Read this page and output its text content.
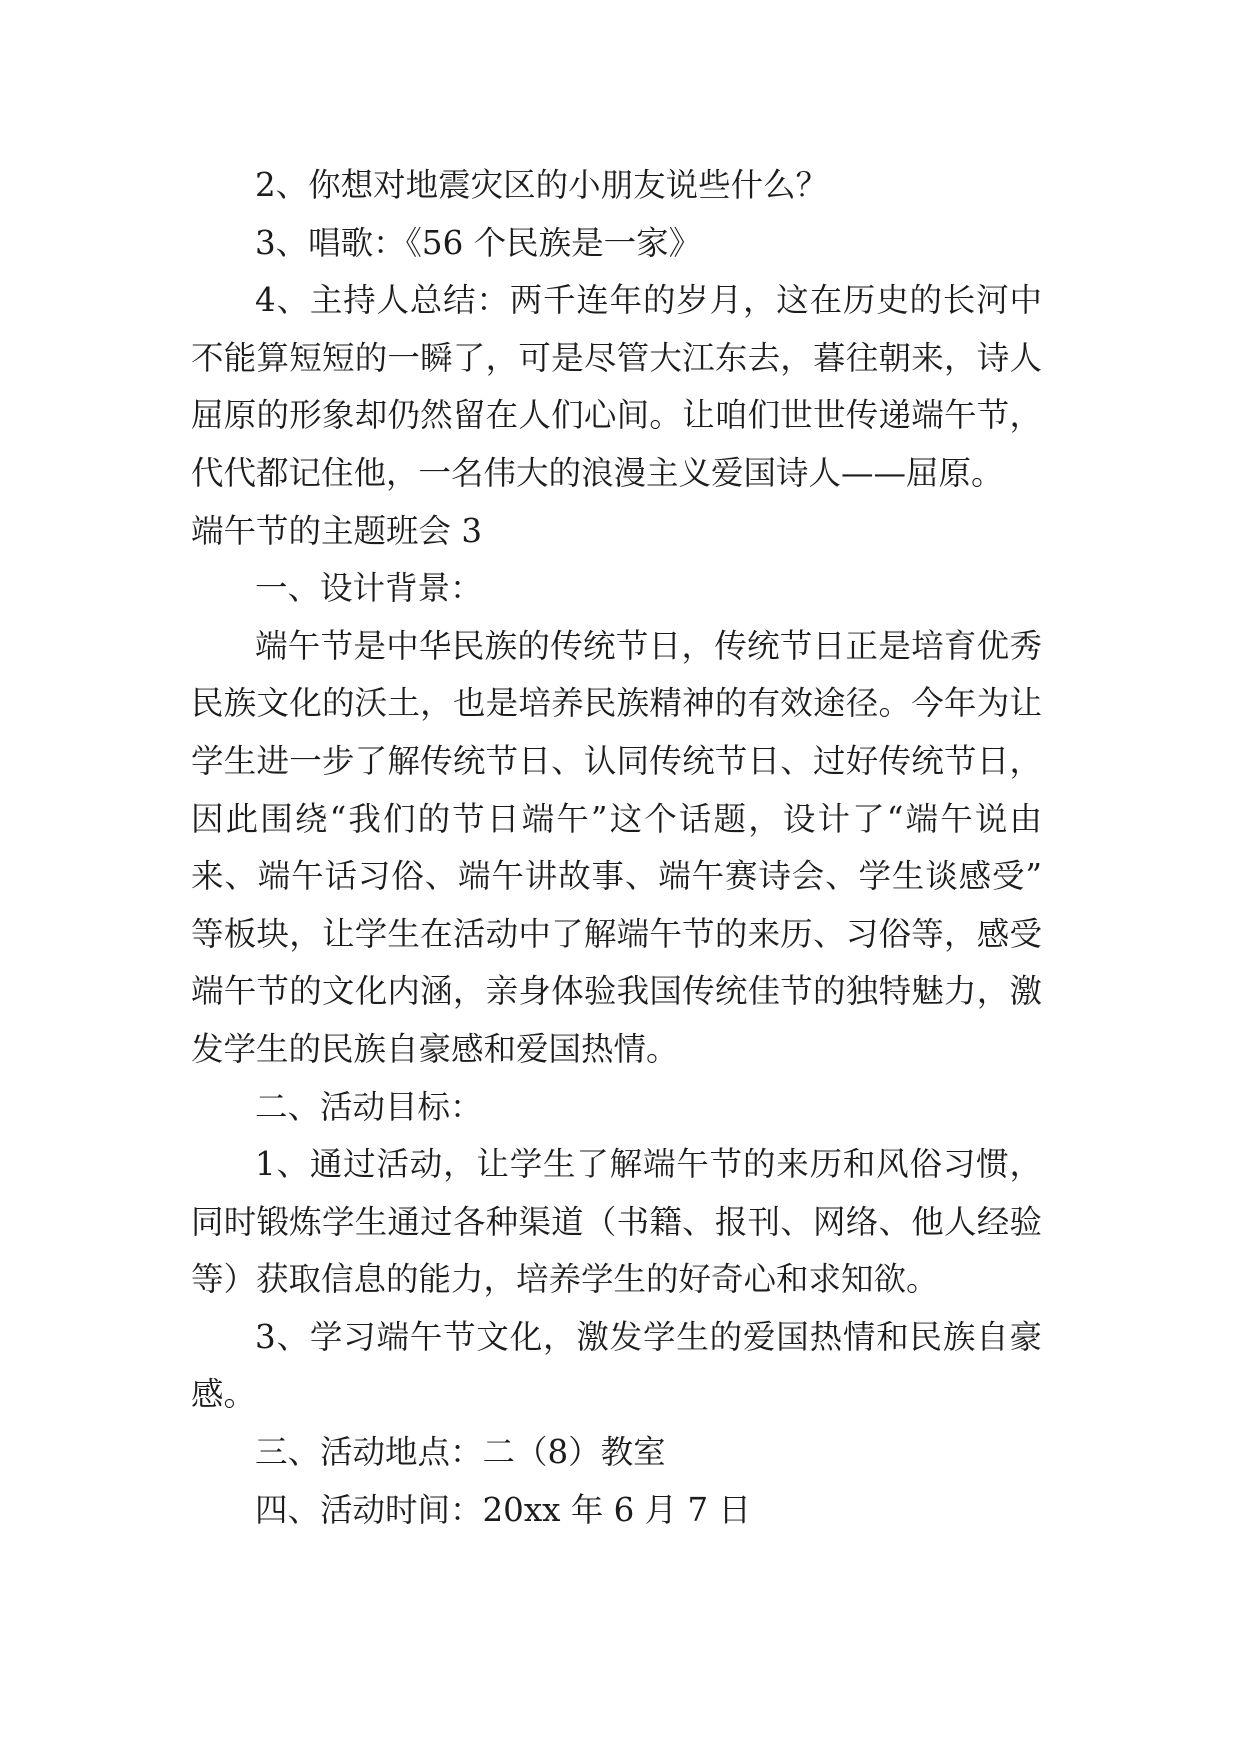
2、你想对地震灾区的小朋友说些什么？
3、唱歌：《56 个民族是一家》
4、主持人总结：两千连年的岁月，这在历史的长河中
不能算短短的一瞬了，可是尽管大江东去，暮往朝来，诗人
屈原的形象却仍然留在人们心间。让咱们世世传递端午节，
代代都记住他，一名伟大的浪漫主义爱国诗人——屈原。
端午节的主题班会 3
一、设计背景：
端午节是中华民族的传统节日，传统节日正是培育优秀
民族文化的沃土，也是培养民族精神的有效途径。今年为让
学生进一步了解传统节日、认同传统节日、过好传统节日，
因此围绕“我们的节日端午”这个话题，设计了“端午说由
来、端午话习俗、端午讲故事、端午赛诗会、学生谈感受”
等板块，让学生在活动中了解端午节的来历、习俗等，感受
端午节的文化内涵，亲身体验我国传统佳节的独特魅力，激
发学生的民族自豪感和爱国热情。
二、活动目标：
1、通过活动，让学生了解端午节的来历和风俗习惯，
同时锻炼学生通过各种渠道（书籍、报刊、网络、他人经验
等）获取信息的能力，培养学生的好奇心和求知欲。
3、学习端午节文化，激发学生的爱国热情和民族自豪
感。
三、活动地点：二（8）教室
四、活动时间：20xx 年 6 月 7 日
